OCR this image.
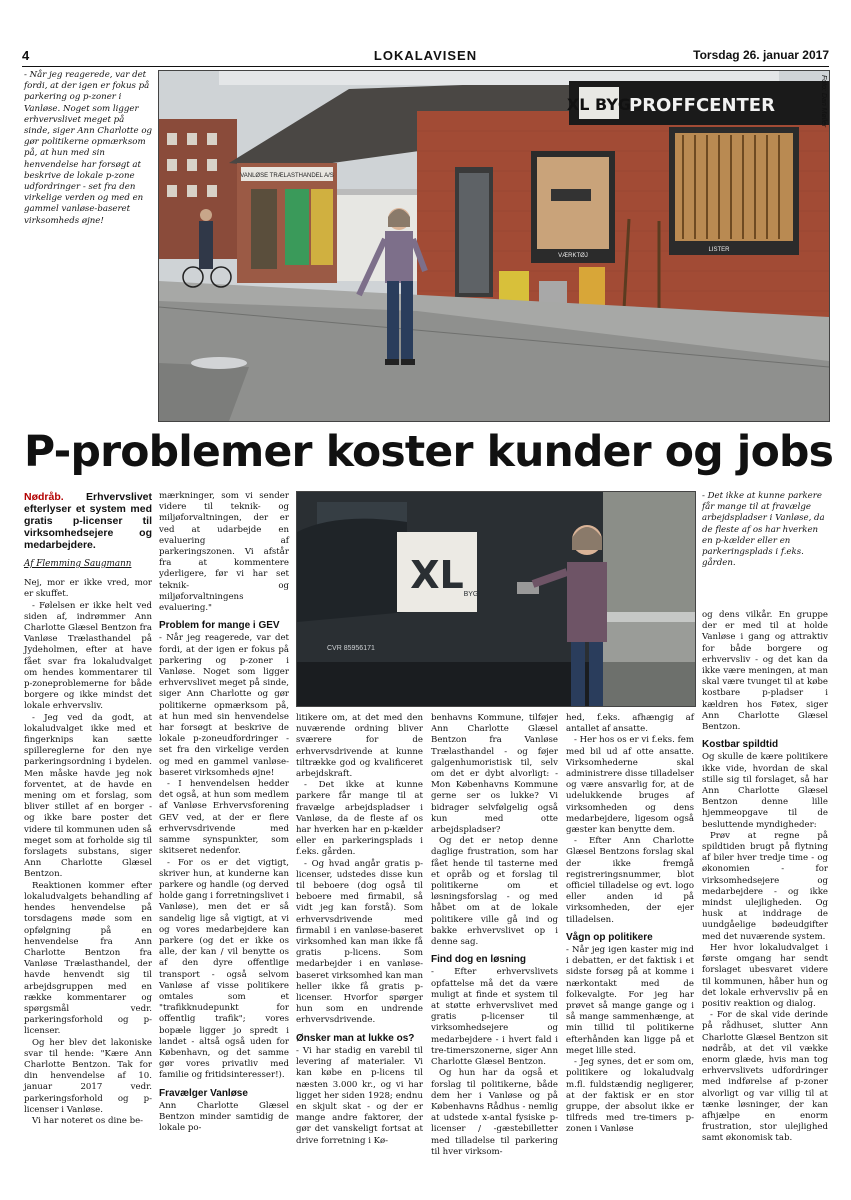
4	LOKALAVISEN	Torsdag 26. januar 2017
- Når jeg reagerede, var det fordi, at der igen er fokus på parkering og p-zoner i Vanløse. Noget som ligger erhvervslivet meget på sinde, siger Ann Charlotte og gør politikerne opmærksom på, at hun med sin henvendelse har forsøgt at beskrive de lokale p-zone udfordringer - set fra den virkelige verden og med en gammel vanløse-baseret virksomheds øjne!
VANLØSE TRÆLASTHANDEL A/S
XL BYG
PROFFCENTER
VÆRKTØJ
LISTER
Foto: Dan Møller
P-problemer koster kunder og jobs
Nødråb. Erhvervslivet efterlyser et system med gratis p-licenser til virksomhedsejere og medarbejdere.
Af Flemming Saugmann

Nej, mor er ikke vred, mor er skuffet.

- Følelsen er ikke helt ved siden af, indrømmer Ann Charlotte Glæsel Bentzon fra Vanløse Trælasthandel på Jydeholmen, efter at have fået svar fra lokaludvalget om hendes kommentarer til p-zoneproblemerne for både borgere og ikke mindst det lokale erhvervsliv.

- Jeg ved da godt, at lokaludvalget ikke med et fingerknips kan sætte spillereglerne for den nye parkeringsordning i bydelen. Men måske havde jeg nok forventet, at de havde en mening om et forslag, som bliver stillet af en borger - og ikke bare poster det videre til kommunen uden så meget som at forholde sig til forslagets substans, siger Ann Charlotte Glæsel Bentzon.

Reaktionen kommer efter lokaludvalgets behandling af hendes henvendelse på torsdagens møde som en opfølgning på en henvendelse fra Ann Charlotte Bentzon fra Vanløse Trælasthandel, der havde henvendt sig til arbejdsgruppen med en række kommentarer og spørgsmål vedr. parkeringsforhold og p-licenser.

Og her blev det lakoniske svar til hende: "Kære Ann Charlotte Bentzon. Tak for din henvendelse af 10. januar 2017 vedr. parkeringsforhold og p-licenser i Vanløse.

Vi har noteret os dine be-

mærkninger, som vi sender videre til teknik- og miljøforvaltningen, der er ved at udarbejde en evaluering af parkeringszonen. Vi afstår fra at kommentere yderligere, før vi har set teknik- og miljøforvaltningens evaluering."

Problem for mange i GEV

- Når jeg reagerede, var det fordi, at der igen er fokus på parkering og p-zoner i Vanløse. Noget som ligger erhvervslivet meget på sinde, siger Ann Charlotte og gør politikerne opmærksom på, at hun med sin henvendelse har forsøgt at beskrive de lokale p-zoneudfordringer - set fra den virkelige verden og med en gammel vanløse-baseret virksomheds øjne!

- I henvendelsen hedder det også, at hun som medlem af Vanløse Erhvervsforening GEV ved, at der er flere erhvervsdrivende med samme synspunkter, som skitseret nedenfor.

- For os er det vigtigt, skriver hun, at kunderne kan parkere og handle (og derved holde gang i forretningslivet i Vanløse), men det er så sandelig lige så vigtigt, at vi og vores medarbejdere kan parkere (og det er ikke os alle, der kan / vil benytte os af den dyre offentlige transport - også selvom Vanløse af visse politikere omtales som et "trafikknudepunkt for offentlig trafik"; vores bopæle ligger jo spredt i landet - altså også uden for København, og det samme gør vores privatliv med familie og fritidsinteresser!).

Fravælger Vanløse

Ann Charlotte Glæsel Bentzon minder samtidig de lokale po-

XL BYG
CVR 85956171

litikere om, at det med den nuværende ordning bliver sværere for de erhvervsdrivende at kunne tiltrække god og kvalificeret arbejdskraft.

- Det ikke at kunne parkere får mange til at fravælge arbejdspladser i Vanløse, da de fleste af os har hverken har en p-kælder eller en parkeringsplads i f.eks. gården.

- Og hvad angår gratis p-licenser, udstedes disse kun til beboere (dog også til beboere med firmabil, så vidt jeg kan forstå). Som erhvervsdrivende med firmabil i en vanløse-baseret virksomhed kan man ikke få gratis p-licens. Som medarbejder i en vanløse-baseret virksomhed kan man heller ikke få gratis p-licenser. Hvorfor spørger hun som en undrende erhvervsdrivende.

Ønsker man at lukke os?

- Vi har stadig en varebil til levering af materialer. Vi kan købe en p-licens til næsten 3.000 kr., og vi har ligget her siden 1928; endnu en skjult skat - og der er mange andre faktorer, der gør det vanskeligt fortsat at drive forretning i Kø-

benhavns Kommune, tilføjer Ann Charlotte Glæsel Bentzon fra Vanløse Trælasthandel - og føjer galgenhumoristisk til, selv om det er dybt alvorligt: - Mon Københavns Kommune gerne ser os lukke? Vi bidrager selvfølgelig også kun med otte arbejdspladser?

Og det er netop denne daglige frustration, som har fået hende til tasterne med et opråb og et forslag til politikerne om et løsningsforslag - og med håbet om at de lokale politikere ville gå ind og bakke erhvervslivet op i denne sag.

Find dog en løsning

- Efter erhvervslivets opfattelse må det da være muligt at finde et system til at støtte erhvervslivet med gratis p-licenser til virksomhedsejere og medarbejdere - i hvert fald i tre-timerszonerne, siger Ann Charlotte Glæsel Bentzon.

Og hun har da også et forslag til politikerne, både dem her i Vanløse og på Københavns Rådhus - nemlig at udstede x-antal fysiske p-licenser / -gæstebilletter med tilladelse til parkering til hver virksom-

hed, f.eks. afhængig af antallet af ansatte.

- Her hos os er vi f.eks. fem med bil ud af otte ansatte. Virksomhederne skal administrere disse tilladelser og være ansvarlig for, at de udelukkende bruges af virksomheden og dens medarbejdere, ligesom også gæster kan benytte dem.

- Efter Ann Charlotte Glæsel Bentzons forslag skal der ikke fremgå registreringsnummer, blot officiel tilladelse og evt. logo eller anden id på virksomheden, der ejer tilladelsen.

Vågn op politikere

- Når jeg igen kaster mig ind i debatten, er det faktisk i et sidste forsøg på at komme i nærkontakt med de folkevalgte. For jeg har prøvet så mange gange og i så mange sammenhænge, at min tillid til politikerne efterhånden kan ligge på et meget lille sted.

- Jeg synes, det er som om, politikere og lokaludvalg m.fl. fuldstændig negligerer, at der faktisk er en stor gruppe, der absolut ikke er tilfreds med tre-timers p-zonen i Vanløse

- Det ikke at kunne parkere får mange til at fravælge arbejdspladser i Vanløse, da de fleste af os har hverken en p-kælder eller en parkeringsplads i f.eks. gården.

og dens vilkår. En gruppe der er med til at holde Vanløse i gang og attraktiv for både borgere og erhvervsliv - og det kan da ikke være meningen, at man skal være tvunget til at købe kostbare p-pladser i kældren hos Føtex, siger Ann Charlotte Glæsel Bentzon.

Kostbar spildtid

Og skulle de kære politikere ikke vide, hvordan de skal stille sig til forslaget, så har Ann Charlotte Glæsel Bentzon denne lille hjemmeopgave til de besluttende myndigheder:

Prøv at regne på spildtiden brugt på flytning af biler hver tredje time - og økonomien - for virksomhedsejere og medarbejdere - og ikke mindst ulejligheden. Og husk at inddrage de uundgåelige bødeudgifter med det nuværende system.

Her hvor lokaludvalget i første omgang har sendt forslaget ubesvaret videre til kommunen, håber hun og det lokale erhvervsliv på en positiv reaktion og dialog.

- For de skal vide derinde på rådhuset, slutter Ann Charlotte Glæsel Bentzon sit nødråb, at det vil vække enorm glæde, hvis man tog erhvervslivets udfordringer med indførelse af p-zoner alvorligt og var villig til at tænke løsninger, der kan afhjælpe en enorm frustration, stor ulejlighed samt økonomisk tab.
